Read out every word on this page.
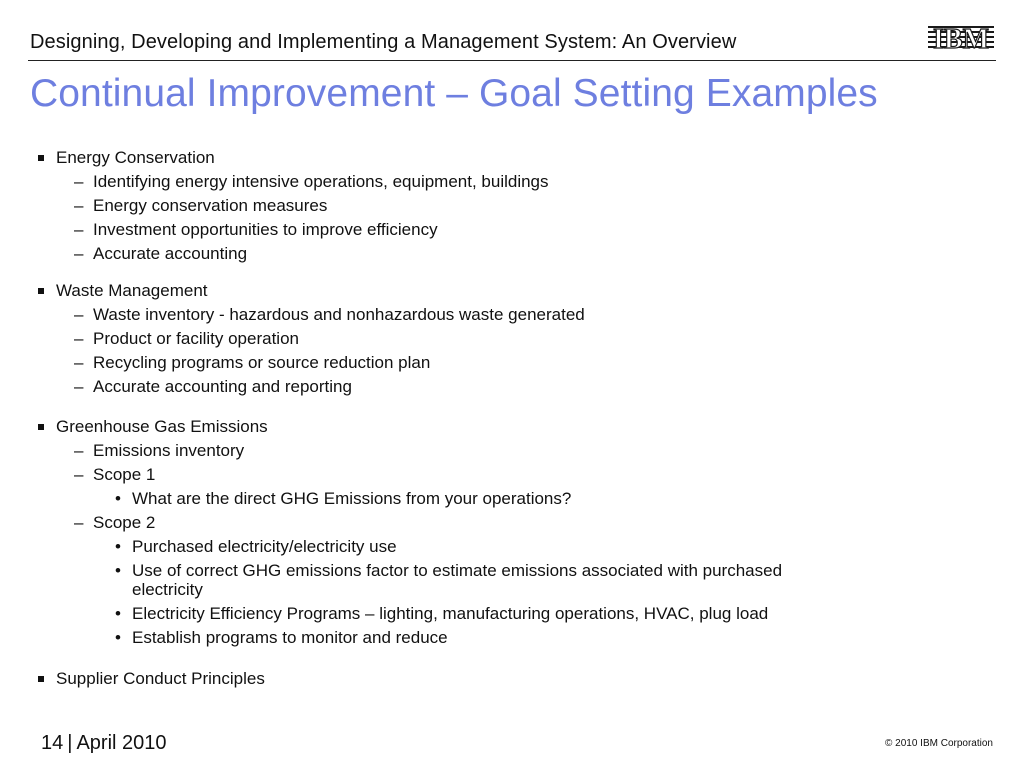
Designing, Developing and Implementing a Management System: An Overview	IBM
Continual Improvement – Goal Setting Examples
Energy Conservation
– Identifying energy intensive operations, equipment, buildings
– Energy conservation measures
– Investment opportunities to improve efficiency
– Accurate accounting
Waste Management
– Waste inventory - hazardous and nonhazardous waste generated
– Product or facility operation
– Recycling programs or source reduction plan
– Accurate accounting and reporting
Greenhouse Gas Emissions
– Emissions inventory
– Scope 1
• What are the direct GHG Emissions from your operations?
– Scope 2
• Purchased electricity/electricity use
• Use of correct GHG emissions factor to estimate emissions associated with purchased
electricity
• Electricity Efficiency Programs – lighting, manufacturing operations, HVAC, plug load
• Establish programs to monitor and reduce
Supplier Conduct Principles
14 | April 2010	© 2010 IBM Corporation
